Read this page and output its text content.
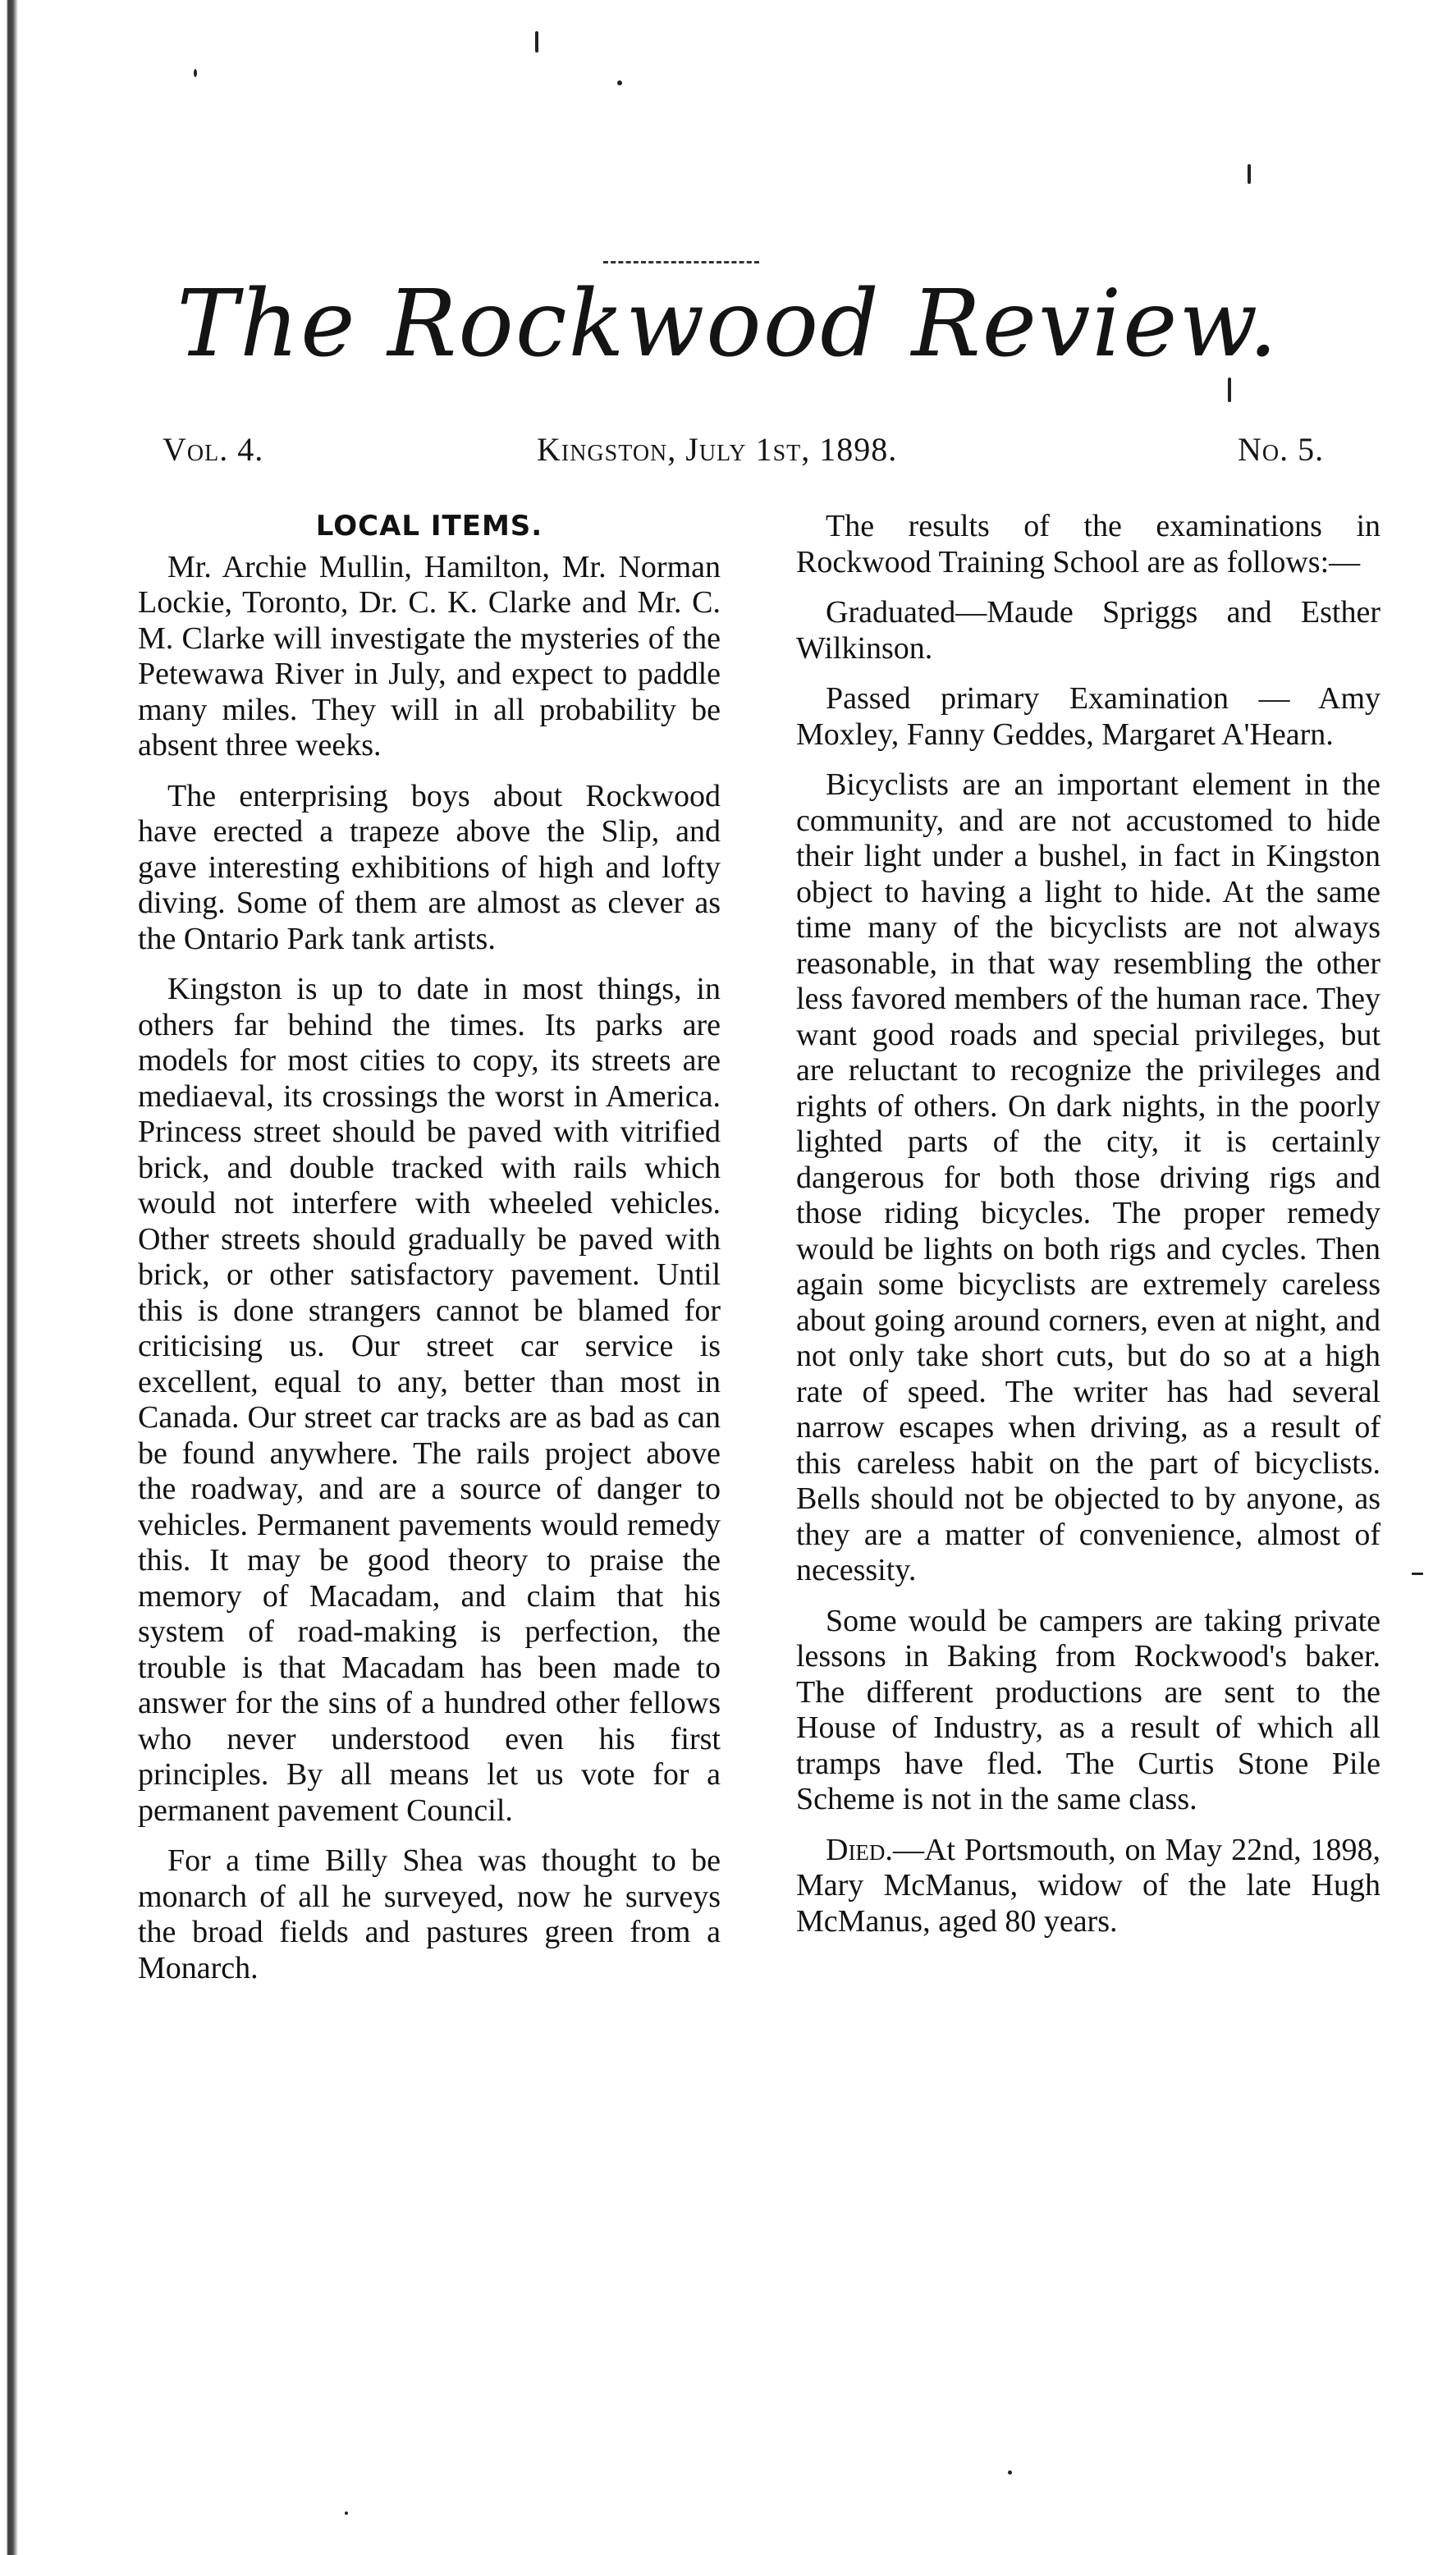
The Rockwood Review.
Vol. 4.	Kingston, July 1st, 1898.	No. 5.
LOCAL ITEMS.

Mr. Archie Mullin, Hamilton, Mr. Norman Lockie, Toronto, Dr. C. K. Clarke and Mr. C. M. Clarke will investigate the mysteries of the Petewawa River in July, and expect to paddle many miles. They will in all probability be absent three weeks.

The enterprising boys about Rockwood have erected a trapeze above the Slip, and gave interesting exhibitions of high and lofty diving. Some of them are almost as clever as the Ontario Park tank artists.

Kingston is up to date in most things, in others far behind the times. Its parks are models for most cities to copy, its streets are mediaeval, its crossings the worst in America. Princess street should be paved with vitrified brick, and double tracked with rails which would not interfere with wheeled vehicles. Other streets should gradually be paved with brick, or other satisfactory pavement. Until this is done strangers cannot be blamed for criticising us. Our street car service is excellent, equal to any, better than most in Canada. Our street car tracks are as bad as can be found anywhere. The rails project above the roadway, and are a source of danger to vehicles. Permanent pavements would remedy this. It may be good theory to praise the memory of Macadam, and claim that his system of road-making is perfection, the trouble is that Macadam has been made to answer for the sins of a hundred other fellows who never understood even his first principles. By all means let us vote for a permanent pavement Council.

For a time Billy Shea was thought to be monarch of all he surveyed, now he surveys the broad fields and pastures green from a Monarch.

The results of the examinations in Rockwood Training School are as follows:—

Graduated—Maude Spriggs and Esther Wilkinson.

Passed primary Examination — Amy Moxley, Fanny Geddes, Margaret A'Hearn.

Bicyclists are an important element in the community, and are not accustomed to hide their light under a bushel, in fact in Kingston object to having a light to hide. At the same time many of the bicyclists are not always reasonable, in that way resembling the other less favored members of the human race. They want good roads and special privileges, but are reluctant to recognize the privileges and rights of others. On dark nights, in the poorly lighted parts of the city, it is certainly dangerous for both those driving rigs and those riding bicycles. The proper remedy would be lights on both rigs and cycles. Then again some bicyclists are extremely careless about going around corners, even at night, and not only take short cuts, but do so at a high rate of speed. The writer has had several narrow escapes when driving, as a result of this careless habit on the part of bicyclists. Bells should not be objected to by anyone, as they are a matter of convenience, almost of necessity.

Some would be campers are taking private lessons in Baking from Rockwood's baker. The different productions are sent to the House of Industry, as a result of which all tramps have fled. The Curtis Stone Pile Scheme is not in the same class.

Died.—At Portsmouth, on May 22nd, 1898, Mary McManus, widow of the late Hugh McManus, aged 80 years.
